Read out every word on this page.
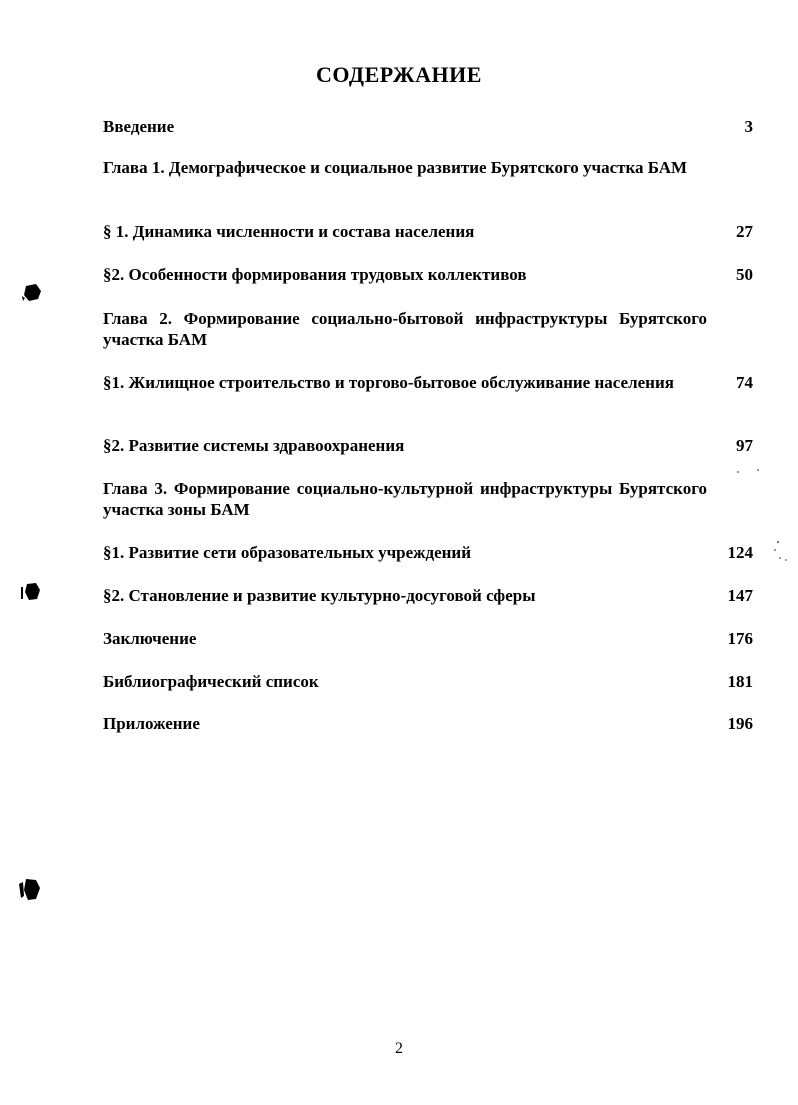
СОДЕРЖАНИЕ
Введение	3
Глава 1. Демографическое и социальное развитие Бурятского участка БАМ
§ 1. Динамика численности и состава населения	27
§2. Особенности формирования трудовых коллективов	50
Глава 2. Формирование социально-бытовой инфраструктуры Бурятского участка БАМ
§1. Жилищное строительство и торгово-бытовое обслуживание населения	74
§2. Развитие системы здравоохранения	97
Глава 3. Формирование социально-культурной инфраструктуры Бурятского участка зоны БАМ
§1. Развитие сети образовательных учреждений	124
§2. Становление и развитие культурно-досуговой сферы	147
Заключение	176
Библиографический список	181
Приложение	196
2
